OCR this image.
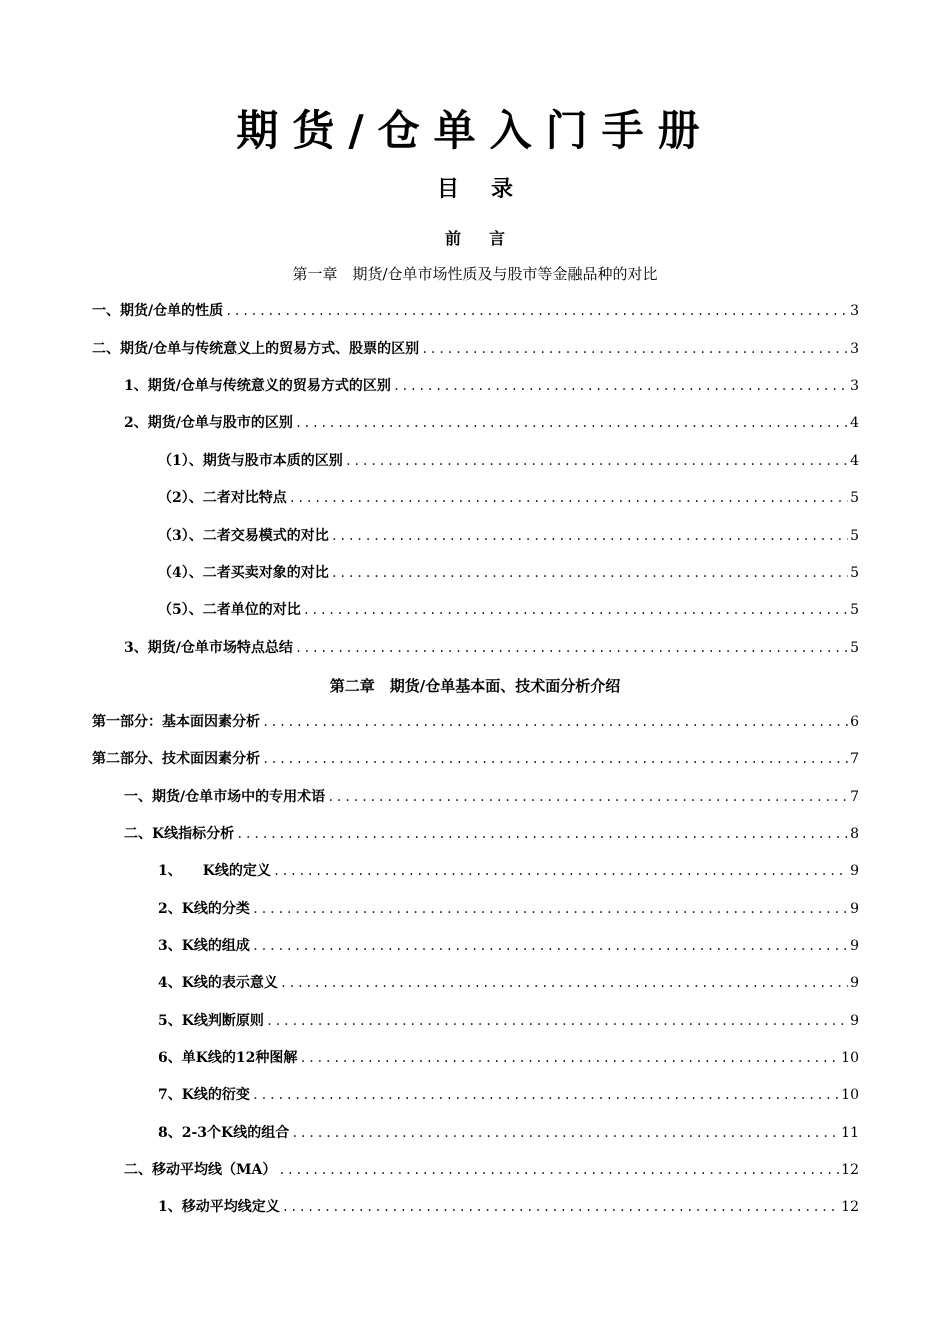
期货/仓单入门手册
目录
前言
第一章　期货/仓单市场性质及与股市等金融品种的对比
一、期货/仓单的性质 .....	3
二、期货/仓单与传统意义上的贸易方式、股票的区别 .....	3
1、期货/仓单与传统意义的贸易方式的区别 .....	3
2、期货/仓单与股市的区别 .....	4
（1）、期货与股市本质的区别 .....	4
（2）、二者对比特点 .....	5
（3）、二者交易模式的对比 .....	5
（4）、二者买卖对象的对比 .....	5
（5）、二者单位的对比 .....	5
3、期货/仓单市场特点总结 .....	5
第二章　期货/仓单基本面、技术面分析介绍
第一部分：基本面因素分析 .....	6
第二部分、技术面因素分析 .....	7
一、期货/仓单市场中的专用术语 .....	7
二、K线指标分析 .....	8
1、　　K线的定义 .....	9
2、K线的分类 .....	9
3、K线的组成 .....	9
4、K线的表示意义 .....	9
5、K线判断原则 .....	9
6、单K线的12种图解 .....	10
7、K线的衍变 .....	10
8、2-3个K线的组合 .....	11
二、移动平均线（MA） .....	12
1、移动平均线定义 .....	12
